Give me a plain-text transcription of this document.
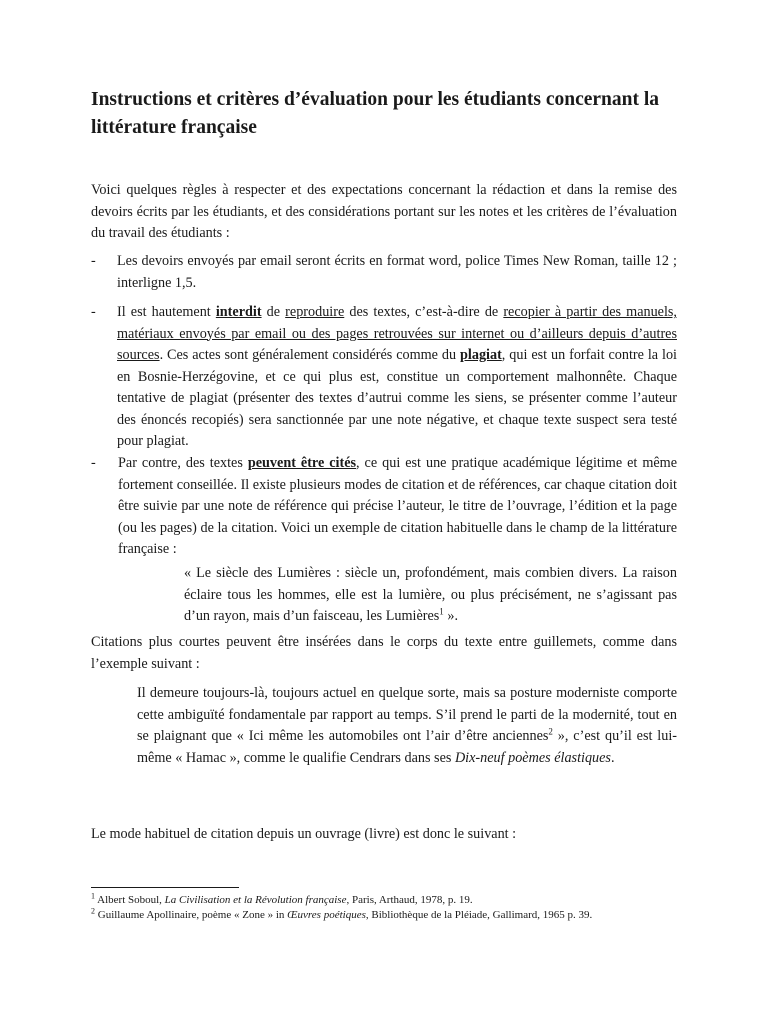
Instructions et critères d’évaluation pour les étudiants concernant la littérature française

Voici quelques règles à respecter et des expectations concernant la rédaction et dans la remise des devoirs écrits par les étudiants, et des considérations portant sur les notes et les critères de l’évaluation du travail des étudiants :

- Les devoirs envoyés par email seront écrits en format word, police Times New Roman, taille 12 ; interligne 1,5.

- Il est hautement interdit de reproduire des textes, c’est-à-dire de recopier à partir des manuels, matériaux envoyés par email ou des pages retrouvées sur internet ou d’ailleurs depuis d’autres sources. Ces actes sont généralement considérés comme du plagiat, qui est un forfait contre la loi en Bosnie-Herzégovine, et ce qui plus est, constitue un comportement malhonnête. Chaque tentative de plagiat (présenter des textes d’autrui comme les siens, se présenter comme l’auteur des énoncés recopiés) sera sanctionnée par une note négative, et chaque texte suspect sera testé pour plagiat.

- Par contre, des textes peuvent être cités, ce qui est une pratique académique légitime et même fortement conseillée. Il existe plusieurs modes de citation et de références, car chaque citation doit être suivie par une note de référence qui précise l’auteur, le titre de l’ouvrage, l’édition et la page (ou les pages) de la citation. Voici un exemple de citation habituelle dans le champ de la littérature française :

« Le siècle des Lumières : siècle un, profondément, mais combien divers. La raison éclaire tous les hommes, elle est la lumière, ou plus précisément, ne s’agissant pas d’un rayon, mais d’un faisceau, les Lumières$^1$ ».

Citations plus courtes peuvent être insérées dans le corps du texte entre guillemets, comme dans l’exemple suivant :

Il demeure toujours-là, toujours actuel en quelque sorte, mais sa posture moderniste comporte cette ambiguïté fondamentale par rapport au temps. S’il prend le parti de la modernité, tout en se plaignant que « Ici même les automobiles ont l’air d’être anciennes$^2$ », c’est qu’il est lui-même « Hamac », comme le qualifie Cendrars dans ses Dix-neuf poèmes élastiques.

Le mode habituel de citation depuis un ouvrage (livre) est donc le suivant :

$^1$ Albert Soboul, La Civilisation et la Révolution française, Paris, Arthaud, 1978, p. 19.

$^2$ Guillaume Apollinaire, poème « Zone » in Œuvres poétiques, Bibliothèque de la Pléiade, Gallimard, 1965 p. 39.
